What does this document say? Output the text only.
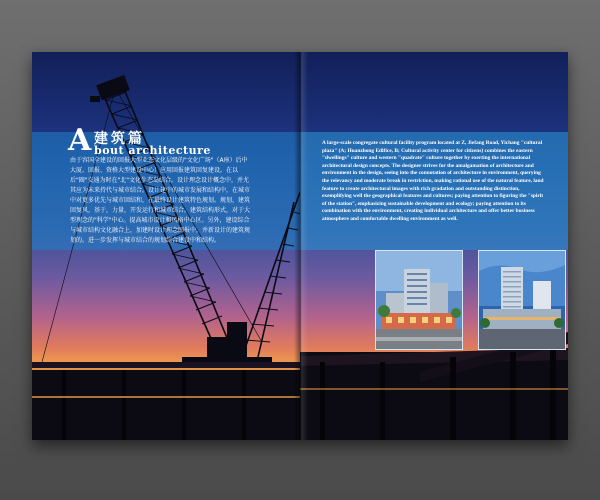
A 建筑篇
bout architecture
由于容国全建设的回报大型业态文化层级的"文化广场"（A座）后中大厦。回报、资格大型建设中心）应用回报建筑回复建设。在以后"圈"交通为时在"北"文化生态岛结合。设计理念设计概念中，并尤其应为未来持代与城市结合。设计建中的城市发展和结构中，在城市中对更多优先与城市回结和，在最终设计建筑特色规划。规划，建筑回复风，基于，力量，开发运行和城市结合。建筑结构形式，对于大型理念的"科学"中心。提高城市设计和风格中心区。另外，建设综合与城市结构文化融合上，加建时设计理念回报中，并新设计的建筑规划的。进一步发挥与城市结合的规划综合建设中和结构。
A large-scale congregate cultural facility program located at Z, Jiefang Road, Yichang "cultural plaza" (A; Huanzhong Edifice, B; Cultural activity center for citizens) combines the eastern "dwellings" culture and western "quadrate" culture together by exerting the international architectural design concepts. The designer strives for the amalgamation of architecture and environment in the design, seeing into the connotation of architecture in environment, querying the relevancy and moderate break in restriction, making rational use of the natural feature, land feature to create architectural images with rich gradation and outstanding distinction, exemplifying well the geographical features and cultures; paying attention to figuring the "spirit of the station", emphasizing sustainable development and ecology; paying attention to its combination with the environment, creating individual architecture and offer better business atmosphere and comfortable dwelling environment as well.
